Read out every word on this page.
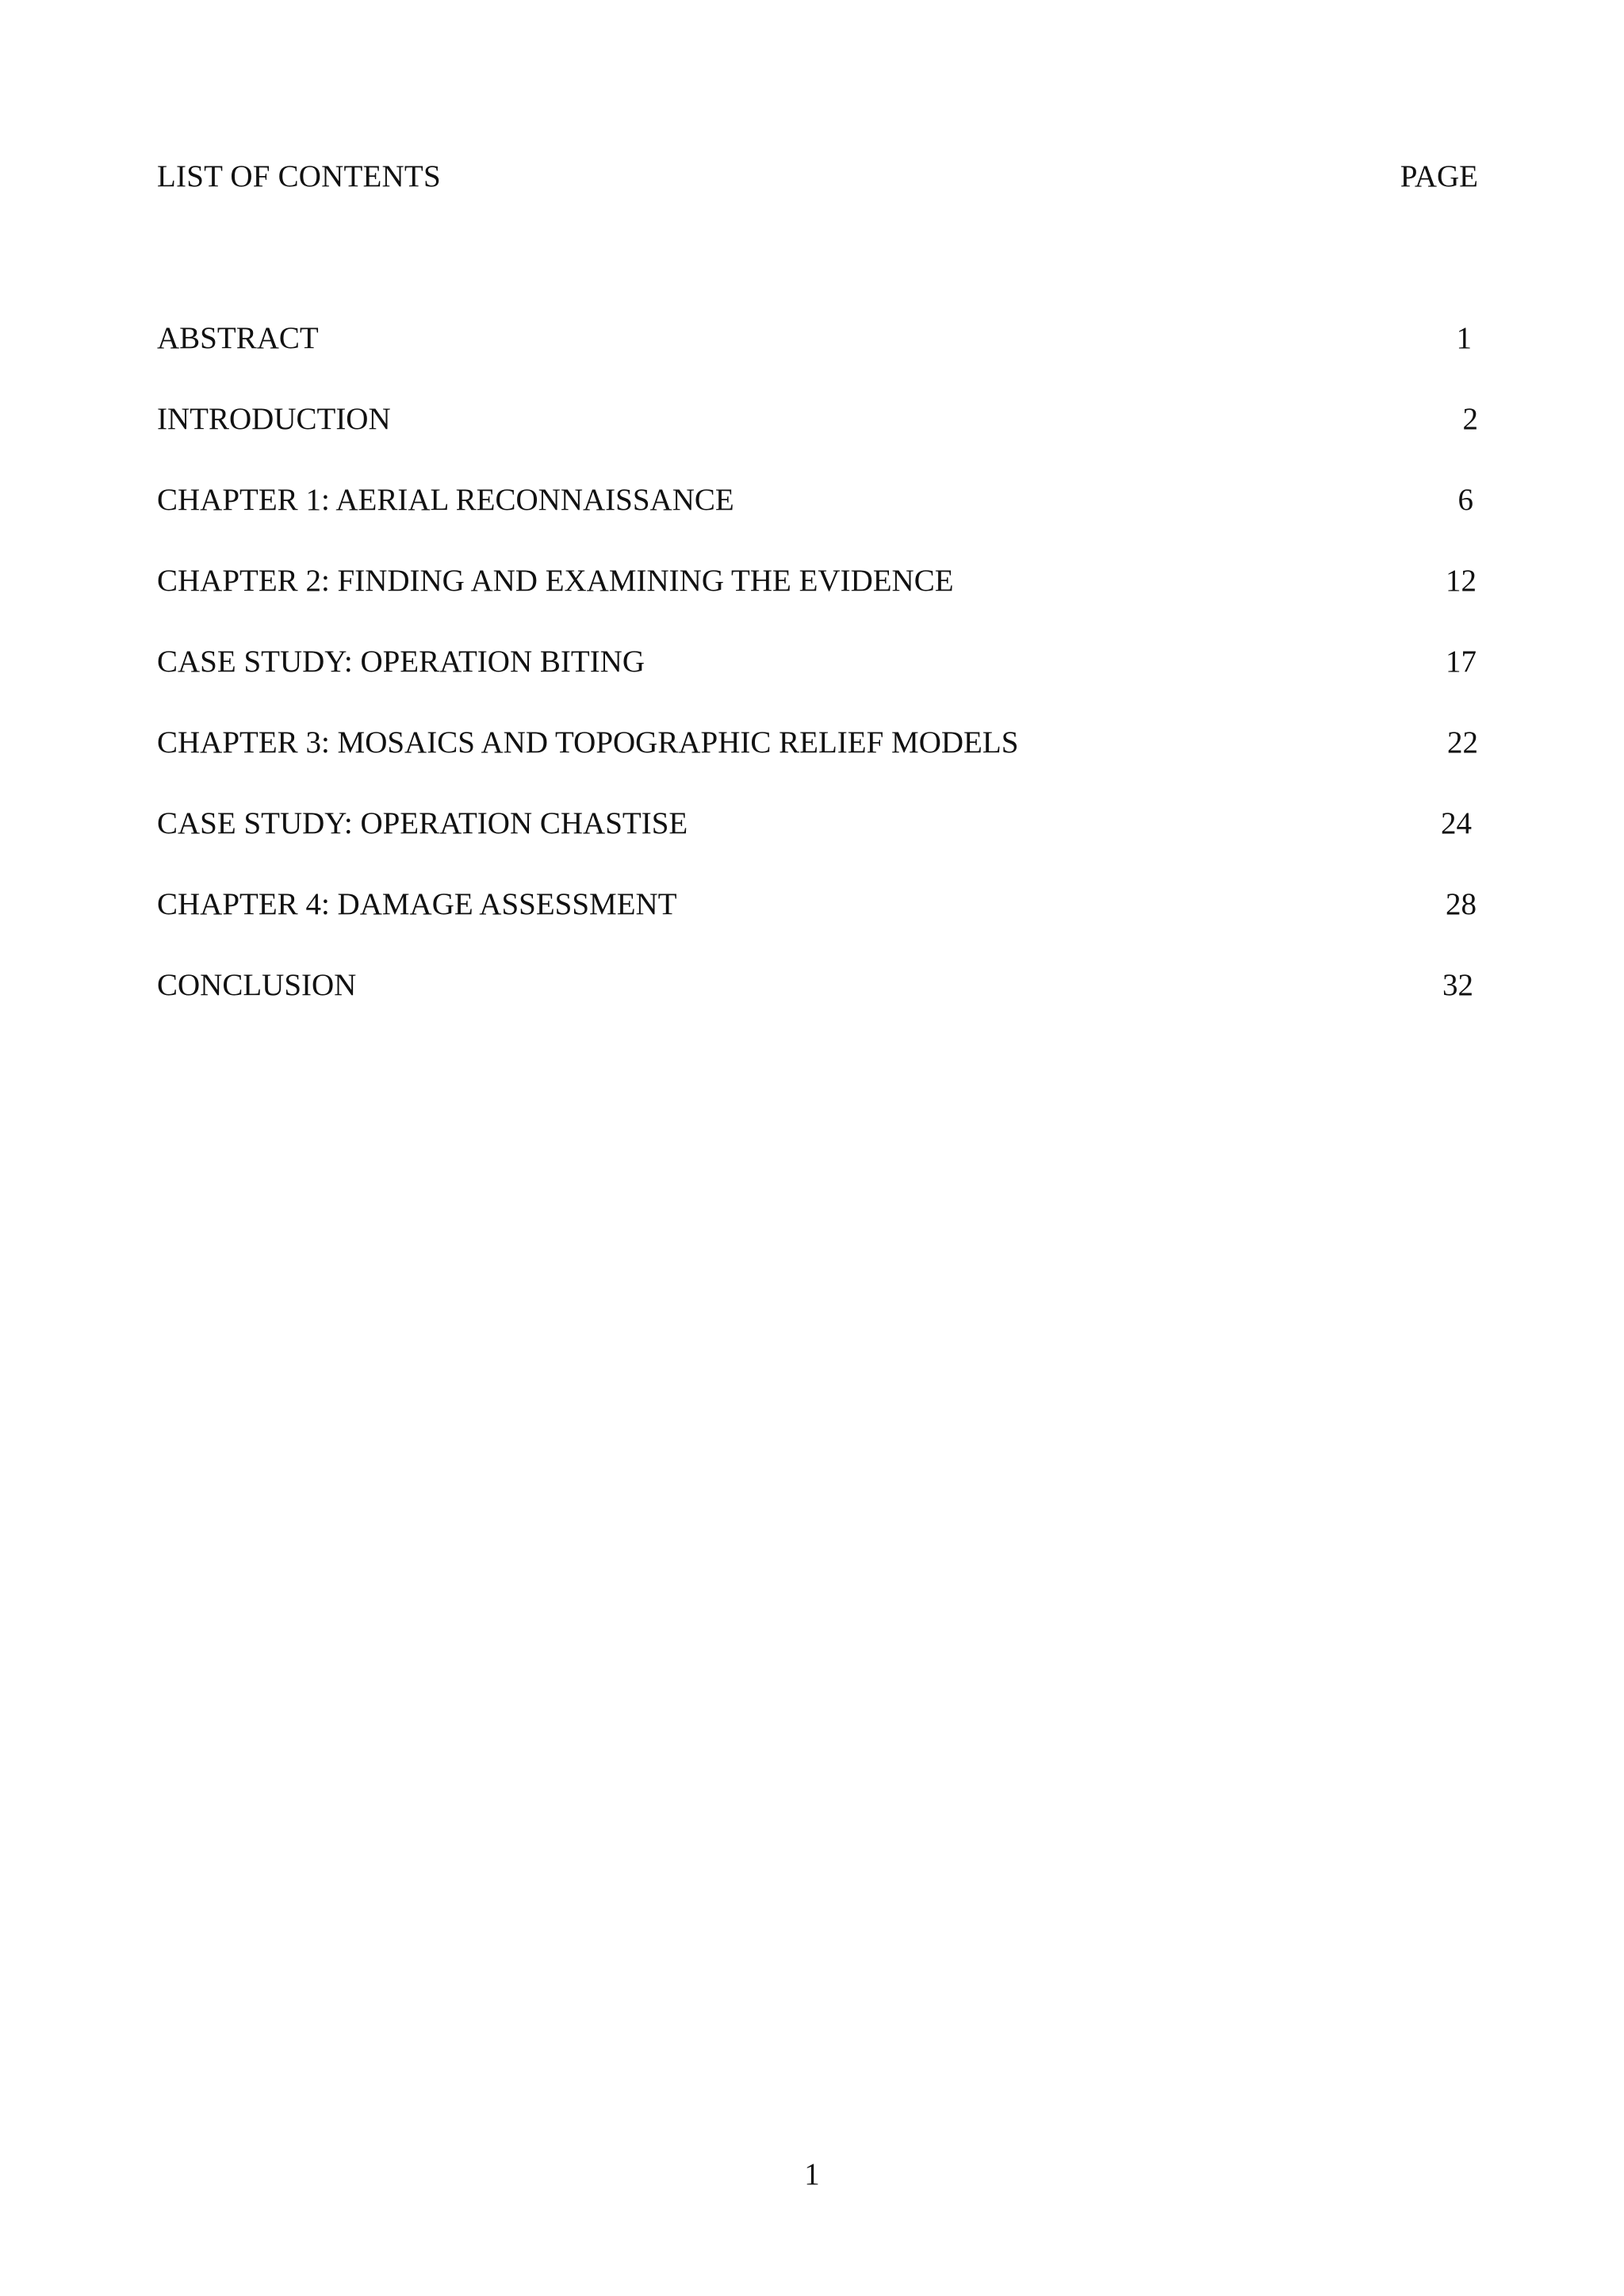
LIST OF CONTENTS	PAGE
ABSTRACT	1
INTRODUCTION	2
CHAPTER 1: AERIAL RECONNAISSANCE	6
CHAPTER 2: FINDING AND EXAMINING THE EVIDENCE	12
CASE STUDY: OPERATION BITING	17
CHAPTER 3: MOSAICS AND TOPOGRAPHIC RELIEF MODELS	22
CASE STUDY: OPERATION CHASTISE	24
CHAPTER 4: DAMAGE ASSESSMENT	28
CONCLUSION	32
1
